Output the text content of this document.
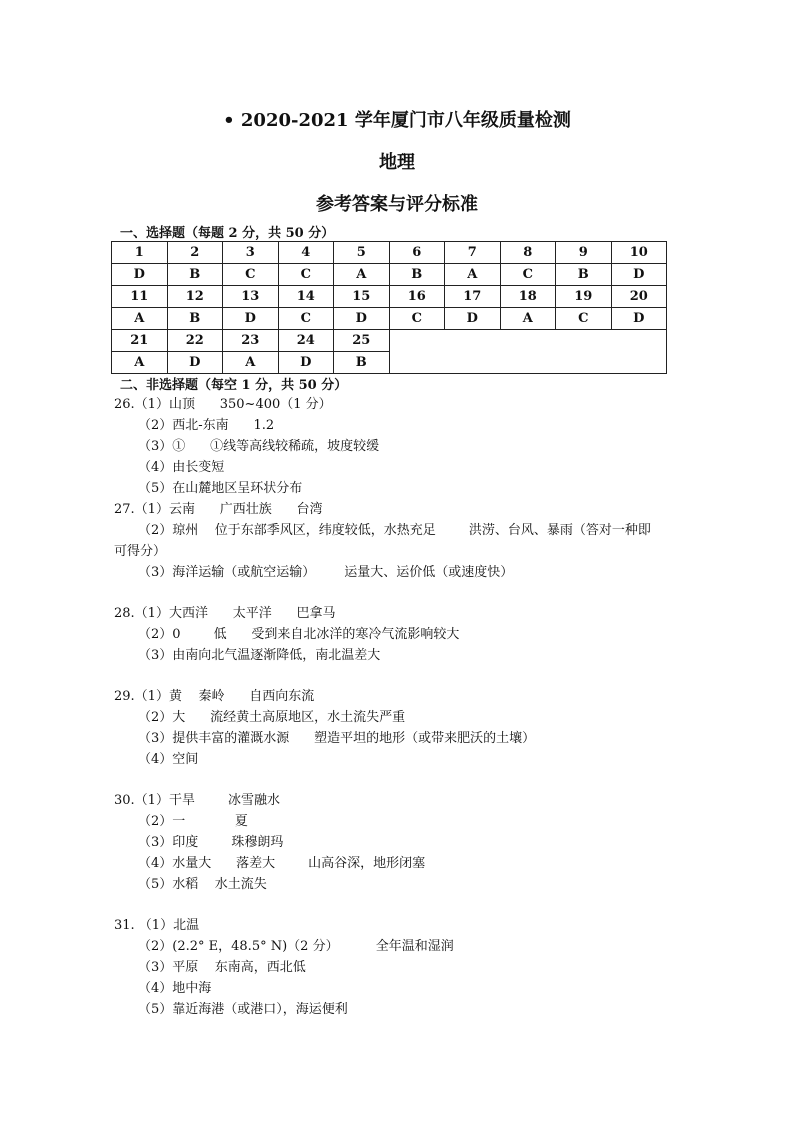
• 2020-2021 学年厦门市八年级质量检测
地理
参考答案与评分标准
一、选择题（每题 2 分，共 50 分）
1	2	3	4	5	6	7	8	9	10
D	B	C	C	A	B	A	C	B	D
11	12	13	14	15	16	17	18	19	20
A	B	D	C	D	C	D	A	C	D
21	22	23	24	25					
A	D	A	D	B					
二、非选择题（每空 1 分，共 50 分）
26.（1）山顶      350~400（1 分）
（2）西北-东南      1.2
（3）①      ①线等高线较稀疏，坡度较缓
（4）由长变短
（5）在山麓地区呈环状分布
27.（1）云南      广西壮族      台湾
（2）琼州    位于东部季风区，纬度较低，水热充足        洪涝、台风、暴雨（答对一种即
可得分）
（3）海洋运输（或航空运输）       运量大、运价低（或速度快）
28.（1）大西洋      太平洋      巴拿马
（2）0        低      受到来自北冰洋的寒冷气流影响较大
（3）由南向北气温逐渐降低，南北温差大
29.（1）黄    秦岭      自西向东流
（2）大      流经黄土高原地区，水土流失严重
（3）提供丰富的灌溉水源      塑造平坦的地形（或带来肥沃的土壤）
（4）空间
30.（1）干旱        冰雪融水
（2）一            夏
（3）印度        珠穆朗玛
（4）水量大      落差大        山高谷深，地形闭塞
（5）水稻    水土流失
31. （1）北温
（2）(2.2° E，48.5° N)（2 分）         全年温和湿润
（3）平原    东南高，西北低
（4）地中海
（5）靠近海港（或港口），海运便利
